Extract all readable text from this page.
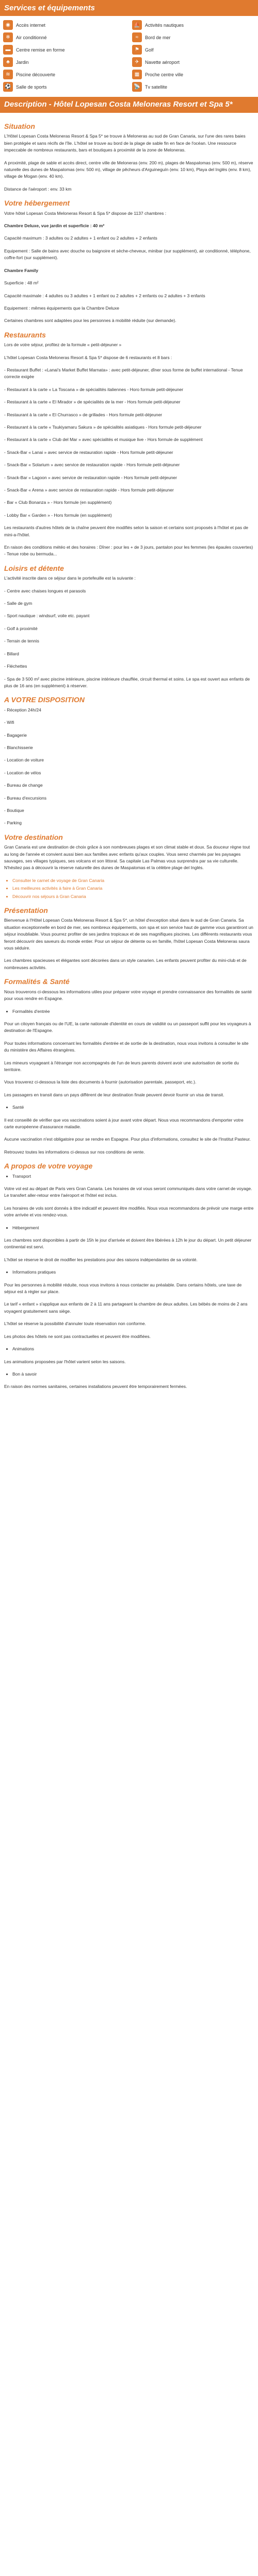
Services et équipements
◉	Accès internet	⛵	Activités nautiques
❄	Air conditionné	≈	Bord de mer
▬	Centre remise en forme	⚑	Golf
♣	Jardin	✈	Navette aéroport
≋	Piscine découverte	▦	Proche centre ville
⚽	Salle de sports	📡	Tv satellite
Description - Hôtel Lopesan Costa Meloneras Resort et Spa 5*
Situation

L'Hôtel Lopesan Costa Meloneras Resort & Spa 5* se trouve à Meloneras au sud de Gran Canaria, sur l'une des rares baies bien protégée et sans récifs de l'île. L'hôtel se trouve au bord de la plage de sable fin en face de l'océan. Une ressource impeccable de nombreux restaurants, bars et boutiques à proximité de la zone de Meloneras.

A proximité, plage de sable et accès direct, centre ville de Meloneras (env. 200 m), plages de Maspalomas (env. 500 m), réserve naturelle des dunes de Maspalomas (env. 500 m), village de pêcheurs d'Arguineguín (env. 10 km), Playa del Inglés (env. 8 km), village de Mogan (env. 40 km).

Distance de l'aéroport : env. 33 km

Votre hébergement

Votre hôtel Lopesan Costa Meloneras Resort & Spa 5* dispose de 1137 chambres :

Chambre Deluxe, vue jardin et superficie : 40 m²

Capacité maximum : 3 adultes ou 2 adultes + 1 enfant ou 2 adultes + 2 enfants

Equipement : Salle de bains avec douche ou baignoire et sèche-cheveux, minibar (sur supplément), air conditionné, téléphone, coffre-fort (sur supplément).

Chambre Family

Superficie : 48 m²

Capacité maximale : 4 adultes ou 3 adultes + 1 enfant ou 2 adultes + 2 enfants ou 2 adultes + 3 enfants

Equipement : mêmes équipements que la Chambre Deluxe

Certaines chambres sont adaptées pour les personnes à mobilité réduite (sur demande).

Restaurants

Lors de votre séjour, profitez de la formule « petit-déjeuner »

L'hôtel Lopesan Costa Meloneras Resort & Spa 5* dispose de 6 restaurants et 8 bars :

- Restaurant Buffet : «Lanai's Market Buffet Marnata» : avec petit-déjeuner, dîner sous forme de buffet international - Tenue correcte exigée

- Restaurant à la carte « La Toscana » de spécialités italiennes - Horo formule petit-déjeuner

- Restaurant à la carte « El Mirador » de spécialités de la mer - Hors formule petit-déjeuner

- Restaurant à la carte « El Churrasco » de grillades - Hors formule petit-déjeuner

- Restaurant à la carte « Tsukiyamaru Sakura » de spécialités asiatiques - Hors formule petit-déjeuner

- Restaurant à la carte « Club del Mar » avec spécialités et musique live - Hors formule de supplément

- Snack-Bar « Lanai » avec service de restauration rapide - Hors formule petit-déjeuner

- Snack-Bar « Solarium » avec service de restauration rapide - Hors formule petit-déjeuner

- Snack-Bar « Lagoon » avec service de restauration rapide - Hors formule petit-déjeuner

- Snack-Bar « Arena » avec service de restauration rapide - Hors formule petit-déjeuner

- Bar « Club Bonanza » - Hors formule (en supplément)

- Lobby Bar « Garden » - Hors formule (en supplément)

Les restaurants d'autres hôtels de la chaîne peuvent être modifiés selon la saison et certains sont proposés à l'hôtel et pas de mini-a-l'hôtel.

En raison des conditions météo et des horaires : Dîner : pour les + de 3 jours, pantalon pour les femmes (les épaules couvertes) - Tenue robe ou bermuda...

Loisirs et détente

L'activité inscrite dans ce séjour dans le portefeuille est la suivante :

- Centre avec chaises longues et parasols

- Salle de gym

- Sport nautique : windsurf, voile etc. payant

- Golf à proximité

- Terrain de tennis

- Billard

- Fléchettes

- Spa de 3 500 m² avec piscine intérieure, piscine intérieure chauffée, circuit thermal et soins. Le spa est ouvert aux enfants de plus de 16 ans (en supplément) à réserver.

A VOTRE DISPOSITION

- Réception 24h/24

- Wifi

- Bagagerie

- Blanchisserie

- Location de voiture

- Location de vélos

- Bureau de change

- Bureau d'excursions

- Boutique

- Parking

Votre destination

Gran Canaria est une destination de choix grâce à son nombreuses plages et son climat stable et doux. Sa douceur règne tout au long de l'année et convient aussi bien aux familles avec enfants qu'aux couples. Vous serez charmés par les paysages sauvages, ses villages typiques, ses volcans et son littoral. Sa capitale Las Palmas vous surprendra par sa vie culturelle. N'hésitez pas à découvrir la réserve naturelle des dunes de Maspalomas et la célèbre plage del Inglés.

• Consulter le carnet de voyage de Gran Canaria
• Les meilleures activités à faire à Gran Canaria
• Découvrir nos séjours à Gran Canaria
Présentation

Bienvenue à l'Hôtel Lopesan Costa Meloneras Resort & Spa 5*, un hôtel d'exception situé dans le sud de Gran Canaria. Sa situation exceptionnelle en bord de mer, ses nombreux équipements, son spa et son service haut de gamme vous garantiront un séjour inoubliable. Vous pourrez profiter de ses jardins tropicaux et de ses magnifiques piscines. Les différents restaurants vous feront découvrir des saveurs du monde entier. Pour un séjour de détente ou en famille, l'hôtel Lopesan Costa Meloneras saura vous séduire.

Les chambres spacieuses et élégantes sont décorées dans un style canarien. Les enfants peuvent profiter du mini-club et de nombreuses activités.

Formalités & Santé

Nous trouverons ci-dessous les informations utiles pour préparer votre voyage et prendre connaissance des formalités de santé pour vous rendre en Espagne.

• Formalités d'entrée

Pour un citoyen français ou de l'UE, la carte nationale d'identité en cours de validité ou un passeport suffit pour les voyageurs à destination de l'Espagne.

Pour toutes informations concernant les formalités d'entrée et de sortie de la destination, nous vous invitons à consulter le site du ministère des Affaires étrangères.

Les mineurs voyageant à l'étranger non accompagnés de l'un de leurs parents doivent avoir une autorisation de sortie du territoire.

Vous trouverez ci-dessous la liste des documents à fournir (autorisation parentale, passeport, etc.).

Les passagers en transit dans un pays différent de leur destination finale peuvent devoir fournir un visa de transit.

• Santé

Il est conseillé de vérifier que vos vaccinations soient à jour avant votre départ. Nous vous recommandons d'emporter votre carte européenne d'assurance maladie.

Aucune vaccination n'est obligatoire pour se rendre en Espagne. Pour plus d'informations, consultez le site de l'Institut Pasteur.

Retrouvez toutes les informations ci-dessus sur nos conditions de vente.

A propos de votre voyage
• Transport

Votre vol est au départ de Paris vers Gran Canaria. Les horaires de vol vous seront communiqués dans votre carnet de voyage. Le transfert aller-retour entre l'aéroport et l'hôtel est inclus.

Les horaires de vols sont donnés à titre indicatif et peuvent être modifiés. Nous vous recommandons de prévoir une marge entre votre arrivée et vos rendez-vous.

• Hébergement

Les chambres sont disponibles à partir de 15h le jour d'arrivée et doivent être libérées à 12h le jour du départ. Un petit déjeuner continental est servi.

L'hôtel se réserve le droit de modifier les prestations pour des raisons indépendantes de sa volonté.

• Informations pratiques

Pour les personnes à mobilité réduite, nous vous invitons à nous contacter au préalable. Dans certains hôtels, une taxe de séjour est à régler sur place.

Le tarif « enfant » s'applique aux enfants de 2 à 11 ans partageant la chambre de deux adultes. Les bébés de moins de 2 ans voyagent gratuitement sans siège.

L'hôtel se réserve la possibilité d'annuler toute réservation non conforme.

Les photos des hôtels ne sont pas contractuelles et peuvent être modifiées.

• Animations

Les animations proposées par l'hôtel varient selon les saisons.

• Bon à savoir

En raison des normes sanitaires, certaines installations peuvent être temporairement fermées.
